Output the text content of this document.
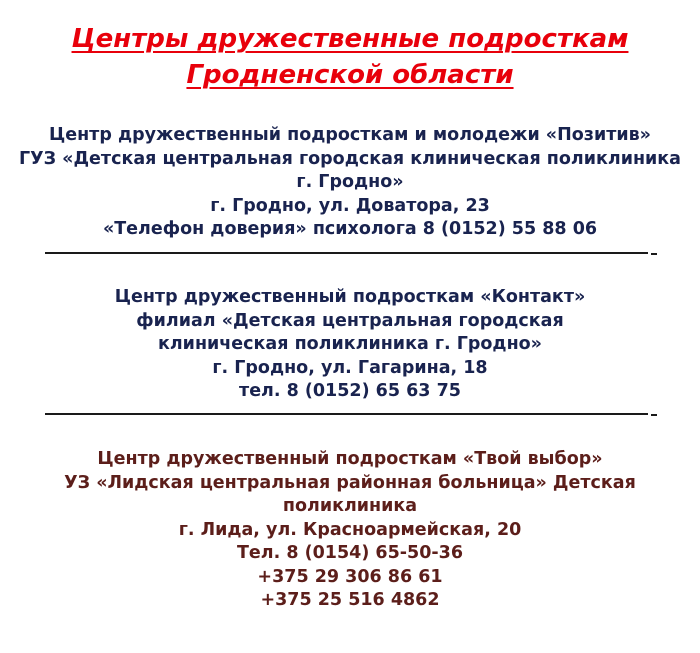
Центры дружественные подросткам
Гродненской области
Центр дружественный подросткам и молодежи «Позитив»
ГУЗ «Детская центральная городская клиническая поликлиника
г. Гродно»
г. Гродно, ул. Доватора, 23
«Телефон доверия» психолога 8 (0152) 55 88 06
Центр дружественный подросткам «Контакт»
филиал «Детская центральная городская
клиническая поликлиника г. Гродно»
г. Гродно, ул. Гагарина, 18
тел. 8 (0152) 65 63 75
Центр дружественный подросткам «Твой выбор»
УЗ «Лидская центральная районная больница» Детская
поликлиника
г. Лида, ул. Красноармейская, 20
Тел. 8 (0154) 65-50-36
+375 29 306 86 61
+375 25 516 4862
